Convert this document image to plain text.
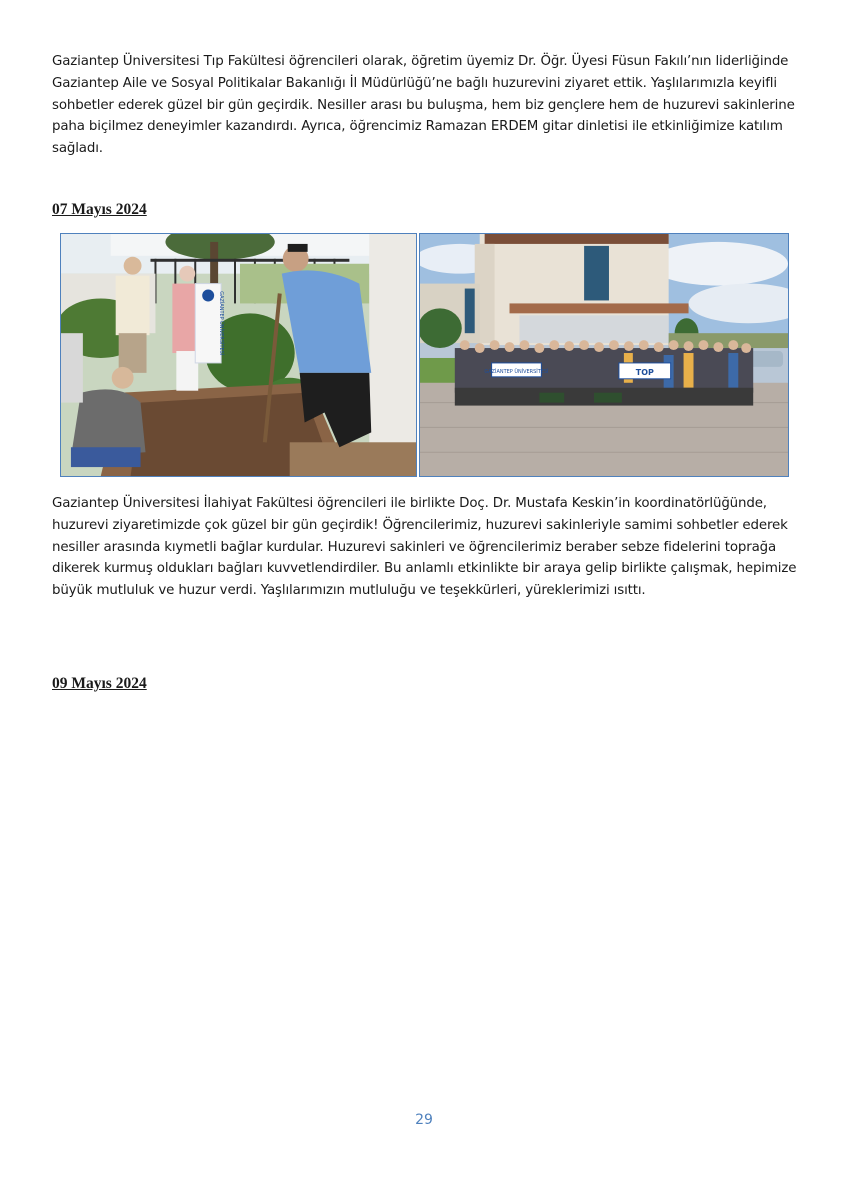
Gaziantep Üniversitesi Tıp Fakültesi öğrencileri olarak, öğretim üyemiz Dr. Öğr. Üyesi Füsun Fakılı’nın liderliğinde
Gaziantep Aile ve Sosyal Politikalar Bakanlığı İl Müdürlüğü’ne bağlı huzurevini ziyaret ettik. Yaşlılarımızla keyifli
sohbetler ederek güzel bir gün geçirdik. Nesiller arası bu buluşma, hem biz gençlere hem de huzurevi sakinlerine
paha biçilmez deneyimler kazandırdı. Ayrıca, öğrencimiz Ramazan ERDEM gitar dinletisi ile etkinliğimize katılım
sağladı.
07 Mayıs 2024
GAZİANTEP ÜNİVERSİTESİ
GAZİANTEP ÜNİVERSİTESİ	TOP
Gaziantep Üniversitesi İlahiyat Fakültesi öğrencileri ile birlikte Doç. Dr. Mustafa Keskin’in koordinatörlüğünde,
huzurevi ziyaretimizde çok güzel bir gün geçirdik! Öğrencilerimiz, huzurevi sakinleriyle samimi sohbetler ederek
nesiller arasında kıymetli bağlar kurdular. Huzurevi sakinleri ve öğrencilerimiz beraber sebze fidelerini toprağa
dikerek kurmuş oldukları bağları kuvvetlendirdiler. Bu anlamlı etkinlikte bir araya gelip birlikte çalışmak, hepimize
büyük mutluluk ve huzur verdi. Yaşlılarımızın mutluluğu ve teşekkürleri, yüreklerimizi ısıttı.
09 Mayıs 2024
29
